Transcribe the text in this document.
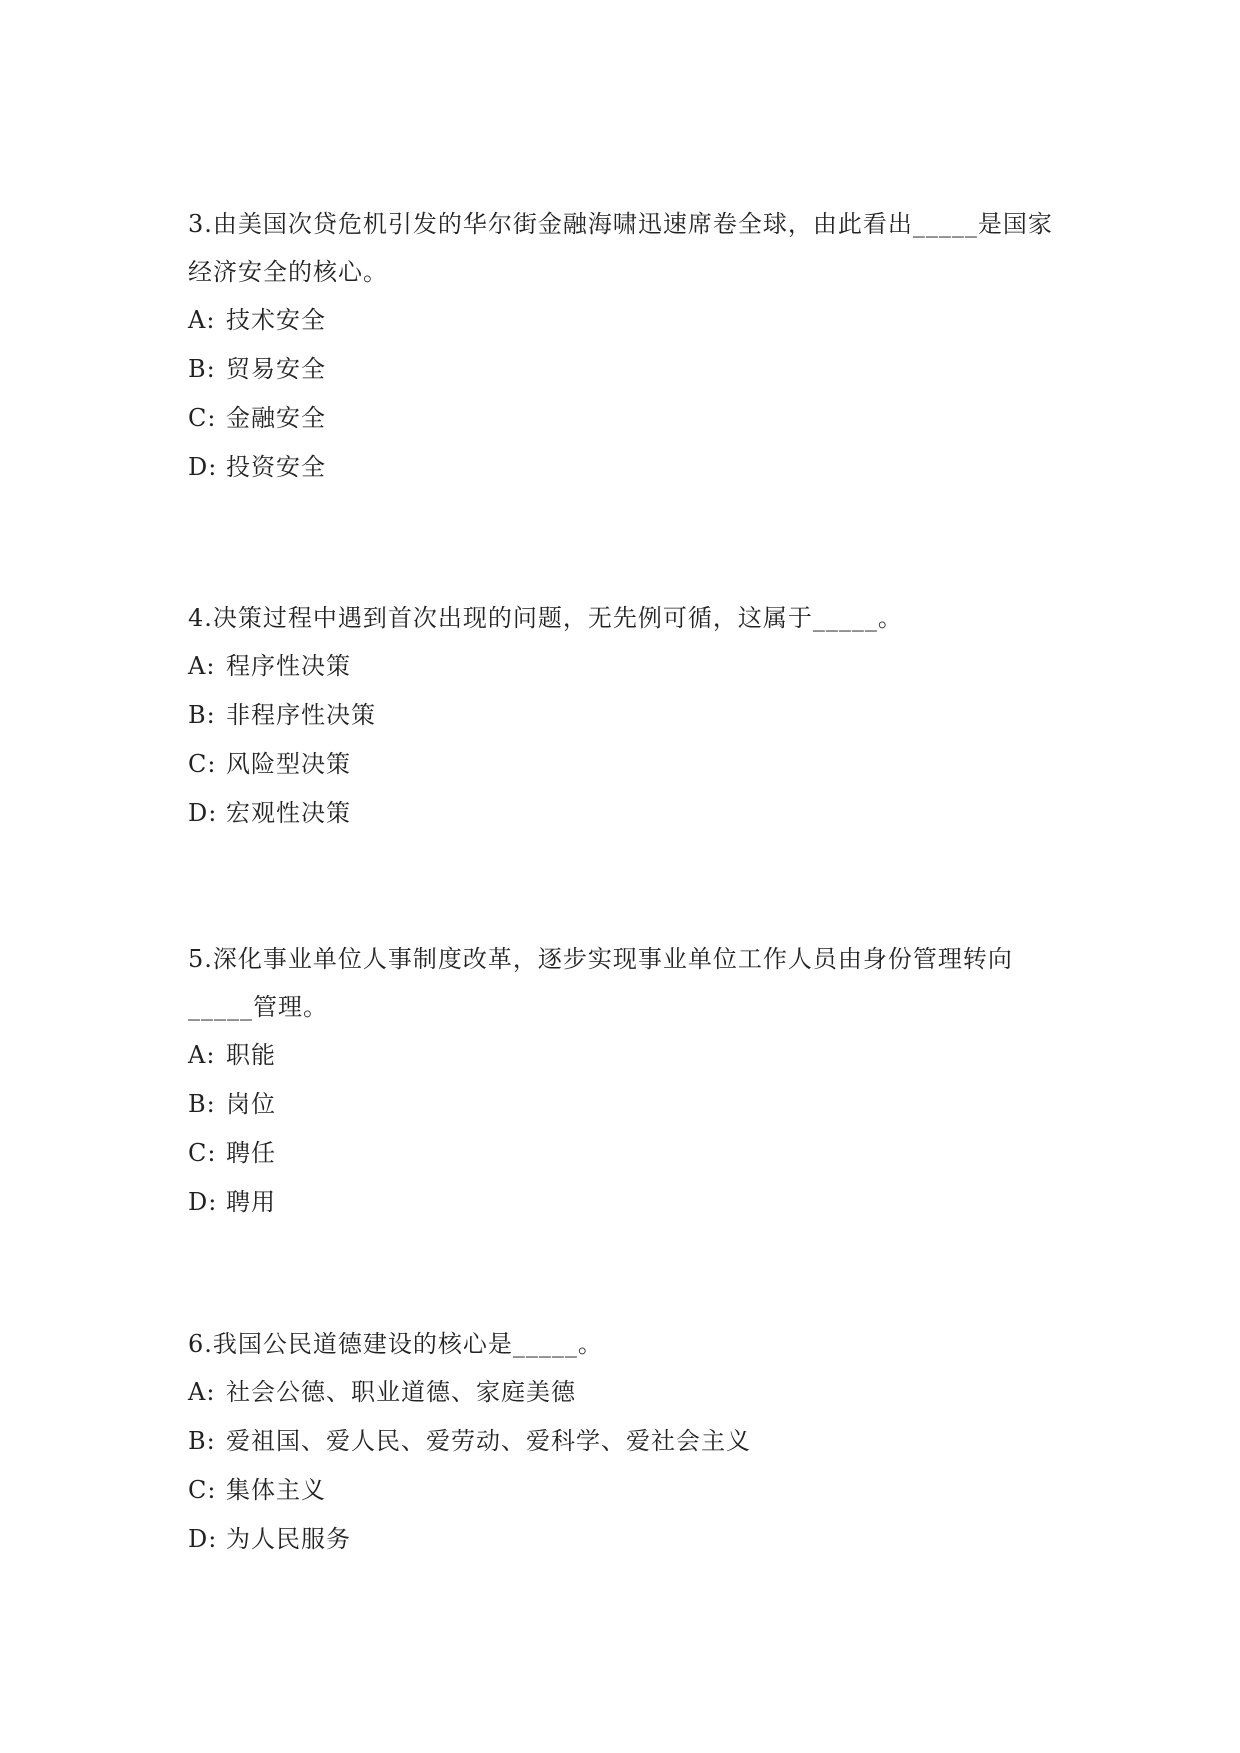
3.由美国次贷危机引发的华尔街金融海啸迅速席卷全球，由此看出_____是国家经济安全的核心。

A: 技术安全
B: 贸易安全
C: 金融安全
D: 投资安全

4.决策过程中遇到首次出现的问题，无先例可循，这属于_____。

A: 程序性决策
B: 非程序性决策
C: 风险型决策
D: 宏观性决策

5.深化事业单位人事制度改革，逐步实现事业单位工作人员由身份管理转向_____管理。

A: 职能
B: 岗位
C: 聘任
D: 聘用

6.我国公民道德建设的核心是_____。

A: 社会公德、职业道德、家庭美德
B: 爱祖国、爱人民、爱劳动、爱科学、爱社会主义
C: 集体主义
D: 为人民服务
